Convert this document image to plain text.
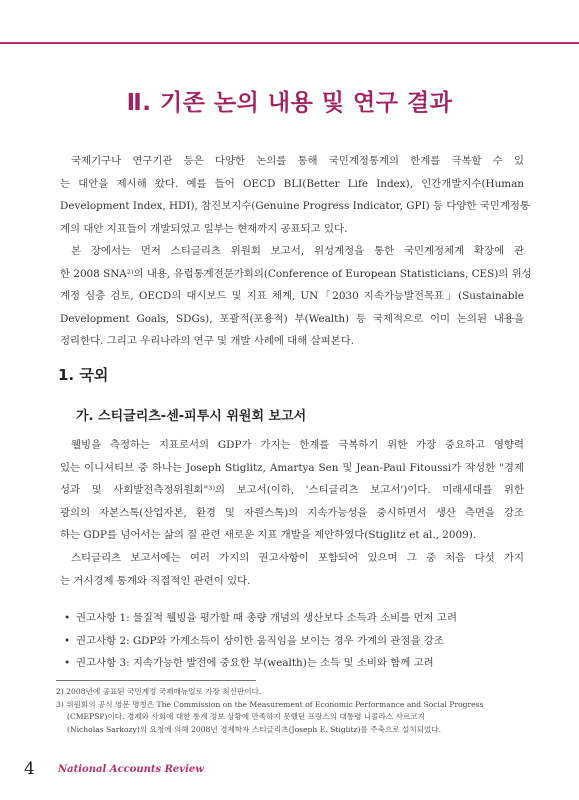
Ⅱ. 기존 논의 내용 및 연구 결과
국제기구나 연구기관 등은 다양한 논의를 통해 국민계정통계의 한계를 극복할 수 있
는 대안을 제시해 왔다. 예를 들어 OECD BLI(Better Life Index), 인간개발지수(Human
Development Index, HDI), 참진보지수(Genuine Progress Indicator, GPI) 등 다양한 국민계정통
계의 대안 지표들이 개발되었고 일부는 현재까지 공표되고 있다.
본 장에서는 먼저 스티글리츠 위원회 보고서, 위성계정을 통한 국민계정체계 확장에 관
한 2008 SNA²⁾의 내용, 유럽통계전문가회의(Conference of European Statisticians, CES)의 위성
계정 심층 검토, OECD의 대시보드 및 지표 체계, UN「2030 지속가능발전목표」(Sustainable
Development Goals, SDGs), 포괄적(포용적) 부(Wealth) 등 국제적으로 이미 논의된 내용을
정리한다. 그리고 우리나라의 연구 및 개발 사례에 대해 살펴본다.
1. 국외
가. 스티글리츠-센-피투시 위원회 보고서
웰빙을 측정하는 지표로서의 GDP가 가지는 한계를 극복하기 위한 가장 중요하고 영향력
있는 이니셔티브 중 하나는 Joseph Stiglitz, Amartya Sen 및 Jean-Paul Fitoussi가 작성한 "경제
성과 및 사회발전측정위원회"³⁾의 보고서(이하, '스티글리츠 보고서')이다. 미래세대를 위한
광의의 자본스톡(산업자본, 환경 및 자원스톡)의 지속가능성을 중시하면서 생산 측면을 강조
하는 GDP를 넘어서는 삶의 질 관련 새로운 지표 개발을 제안하였다(Stiglitz et al., 2009).
스티글리츠 보고서에는 여러 가지의 권고사항이 포함되어 있으며 그 중 처음 다섯 가지
는 거시경제 통계와 직접적인 관련이 있다.
• 권고사항 1: 물질적 웰빙을 평가할 때 총량 개념의 생산보다 소득과 소비를 먼저 고려
• 권고사항 2: GDP와 가계소득이 상이한 움직임을 보이는 경우 가계의 관점을 강조
• 권고사항 3: 지속가능한 발전에 중요한 부(wealth)는 소득 및 소비와 함께 고려
2) 2008년에 공표된 국민계정 국제매뉴얼로 가장 최신판이다.
3) 위원회의 공식 영문 명칭은 The Commission on the Measurement of Economic Performance and Social Progress
(CMEPSP)이다. 경제와 사회에 대한 통계 정보 상황에 만족하지 못했던 프랑스의 대통령 니콜라스 사르코지
(Nicholas Sarkozy)의 요청에 의해 2008년 경제학자 스티글리츠(Joseph E. Stiglitz)를 주축으로 설치되었다.
4 National Accounts Review
